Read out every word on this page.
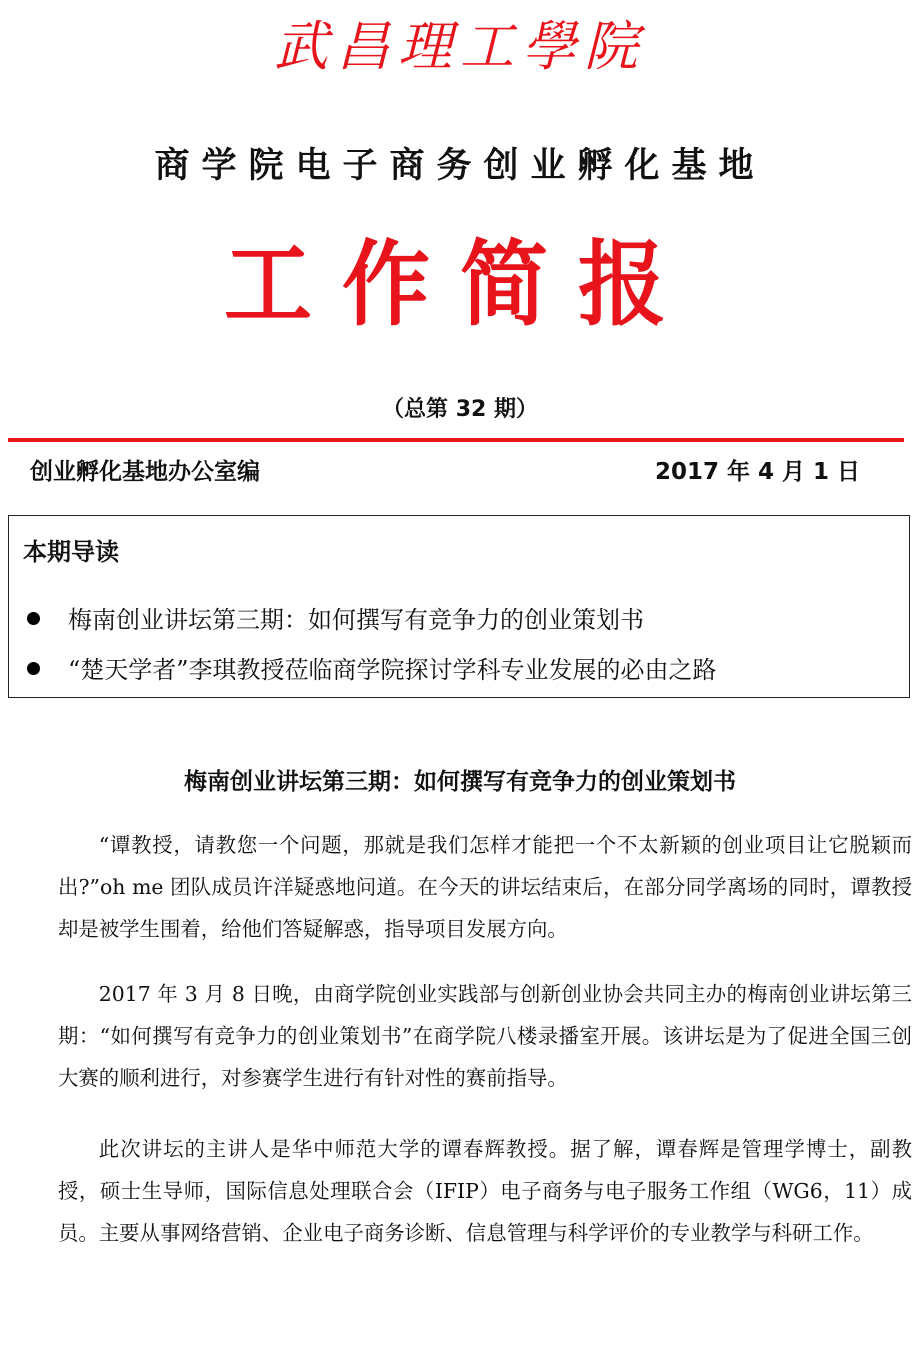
武昌理工學院
商学院电子商务创业孵化基地
工作简报
（总第 32 期）
创业孵化基地办公室编	2017 年 4 月 1 日
本期导读
梅南创业讲坛第三期：如何撰写有竞争力的创业策划书
“楚天学者”李琪教授莅临商学院探讨学科专业发展的必由之路
梅南创业讲坛第三期：如何撰写有竞争力的创业策划书

“谭教授，请教您一个问题，那就是我们怎样才能把一个不太新颖的创业项目让它脱颖而出?”oh me 团队成员许洋疑惑地问道。在今天的讲坛结束后，在部分同学离场的同时，谭教授却是被学生围着，给他们答疑解惑，指导项目发展方向。

2017 年 3 月 8 日晚，由商学院创业实践部与创新创业协会共同主办的梅南创业讲坛第三期：“如何撰写有竞争力的创业策划书”在商学院八楼录播室开展。该讲坛是为了促进全国三创大赛的顺利进行，对参赛学生进行有针对性的赛前指导。

此次讲坛的主讲人是华中师范大学的谭春辉教授。据了解，谭春辉是管理学博士，副教授，硕士生导师，国际信息处理联合会（IFIP）电子商务与电子服务工作组（WG6，11）成员。主要从事网络营销、企业电子商务诊断、信息管理与科学评价的专业教学与科研工作。
